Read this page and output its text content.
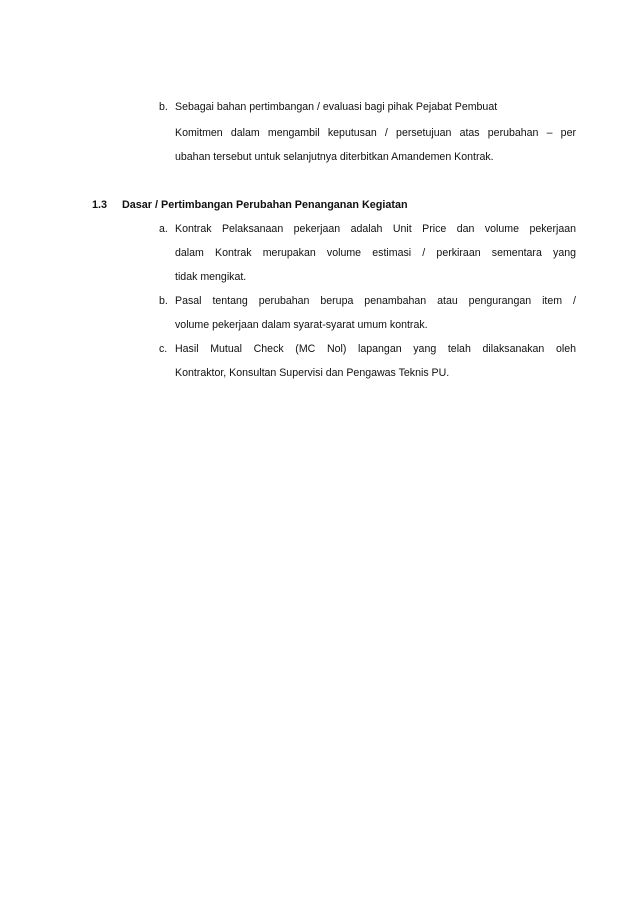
b. Sebagai bahan pertimbangan / evaluasi bagi pihak Pejabat Pembuat
Komitmen dalam mengambil keputusan / persetujuan atas perubahan – per
ubahan tersebut untuk selanjutnya diterbitkan Amandemen Kontrak.
1.3 Dasar / Pertimbangan Perubahan Penanganan Kegiatan
a. Kontrak Pelaksanaan pekerjaan adalah Unit Price dan volume pekerjaan
dalam Kontrak merupakan volume estimasi / perkiraan sementara yang
tidak mengikat.
b. Pasal tentang perubahan berupa penambahan atau pengurangan item /
volume pekerjaan dalam syarat-syarat umum kontrak.
c. Hasil Mutual Check (MC Nol) lapangan yang telah dilaksanakan oleh
Kontraktor, Konsultan Supervisi dan Pengawas Teknis PU.
